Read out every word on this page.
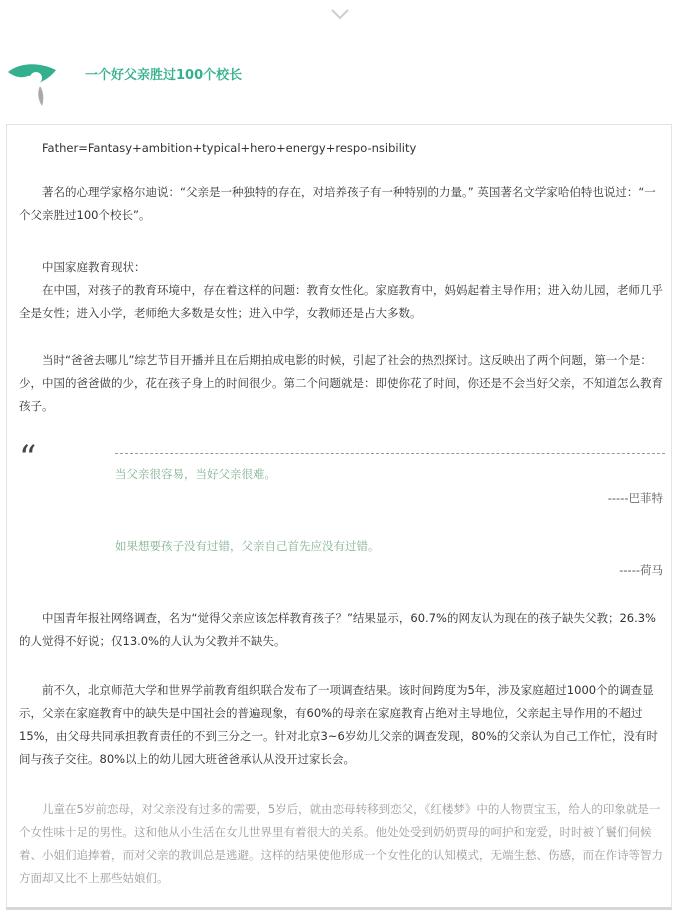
一个好父亲胜过100个校长

Father=Fantasy+ambition+typical+hero+energy+respo-nsibility

著名的心理学家格尔迪说：“父亲是一种独特的存在，对培养孩子有一种特别的力量。” 英国著名文学家哈伯特也说过：“一个父亲胜过100个校长”。

中国家庭教育现状：

在中国，对孩子的教育环境中，存在着这样的问题：教育女性化。家庭教育中，妈妈起着主导作用；进入幼儿园，老师几乎全是女性；进入小学，老师绝大多数是女性；进入中学，女教师还是占大多数。

当时“爸爸去哪儿”综艺节目开播并且在后期拍成电影的时候，引起了社会的热烈探讨。这反映出了两个问题，第一个是：少，中国的爸爸做的少，花在孩子身上的时间很少。第二个问题就是：即使你花了时间，你还是不会当好父亲，不知道怎么教育孩子。

“	当父亲很容易，当好父亲很难。
-----巴菲特
如果想要孩子没有过错，父亲自己首先应没有过错。
-----荷马

中国青年报社网络调查，名为“觉得父亲应该怎样教育孩子？”结果显示，60.7%的网友认为现在的孩子缺失父教；26.3%的人觉得不好说；仅13.0%的人认为父教并不缺失。

前不久，北京师范大学和世界学前教育组织联合发布了一项调查结果。该时间跨度为5年，涉及家庭超过1000个的调查显示，父亲在家庭教育中的缺失是中国社会的普遍现象，有60%的母亲在家庭教育占绝对主导地位，父亲起主导作用的不超过15%，由父母共同承担教育责任的不到三分之一。针对北京3~6岁幼儿父亲的调查发现，80%的父亲认为自己工作忙，没有时间与孩子交往。80%以上的幼儿园大班爸爸承认从没开过家长会。

儿童在5岁前恋母，对父亲没有过多的需要，5岁后，就由恋母转移到恋父，《红楼梦》中的人物贾宝玉，给人的印象就是一个女性味十足的男性。这和他从小生活在女儿世界里有着很大的关系。他处处受到奶奶贾母的呵护和宠爱，时时被丫鬟们伺候着、小姐们追捧着，而对父亲的教训总是逃避。这样的结果使他形成一个女性化的认知模式，无端生愁、伤感，而在作诗等智力方面却又比不上那些姑娘们。
